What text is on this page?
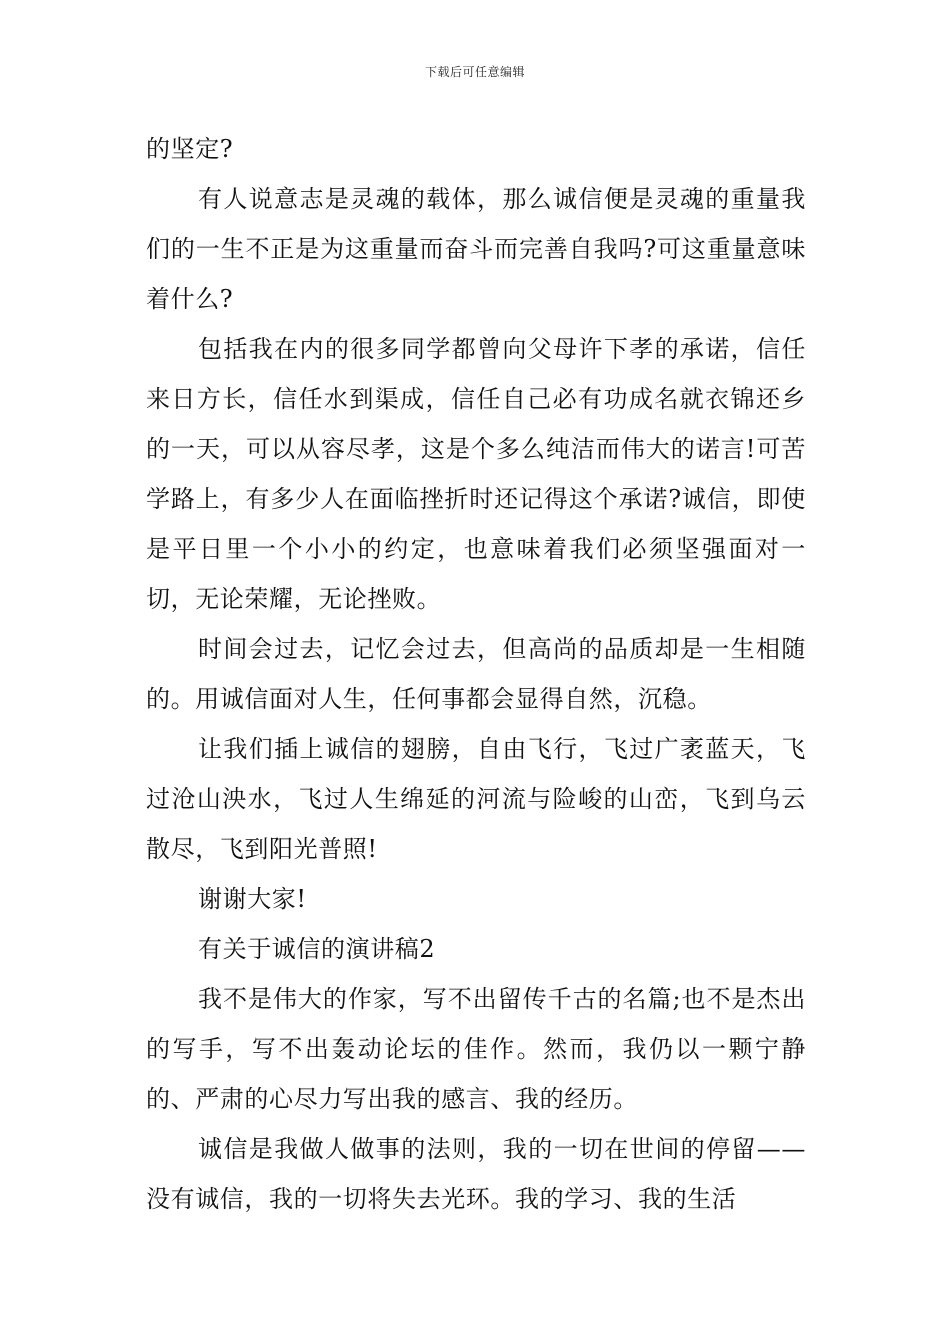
下载后可任意编辑

的坚定?

有人说意志是灵魂的载体，那么诚信便是灵魂的重量我们的一生不正是为这重量而奋斗而完善自我吗?可这重量意味着什么?

包括我在内的很多同学都曾向父母许下孝的承诺，信任来日方长，信任水到渠成，信任自己必有功成名就衣锦还乡的一天，可以从容尽孝，这是个多么纯洁而伟大的诺言!可苦学路上，有多少人在面临挫折时还记得这个承诺?诚信，即使是平日里一个小小的约定，也意味着我们必须坚强面对一切，无论荣耀，无论挫败。

时间会过去，记忆会过去，但高尚的品质却是一生相随的。用诚信面对人生，任何事都会显得自然，沉稳。

让我们插上诚信的翅膀，自由飞行，飞过广袤蓝天，飞过沧山泱水，飞过人生绵延的河流与险峻的山峦，飞到乌云散尽，飞到阳光普照!

谢谢大家!

有关于诚信的演讲稿2

我不是伟大的作家，写不出留传千古的名篇;也不是杰出的写手，写不出轰动论坛的佳作。然而，我仍以一颗宁静的、严肃的心尽力写出我的感言、我的经历。

诚信是我做人做事的法则，我的一切在世间的停留——没有诚信，我的一切将失去光环。我的学习、我的生活
